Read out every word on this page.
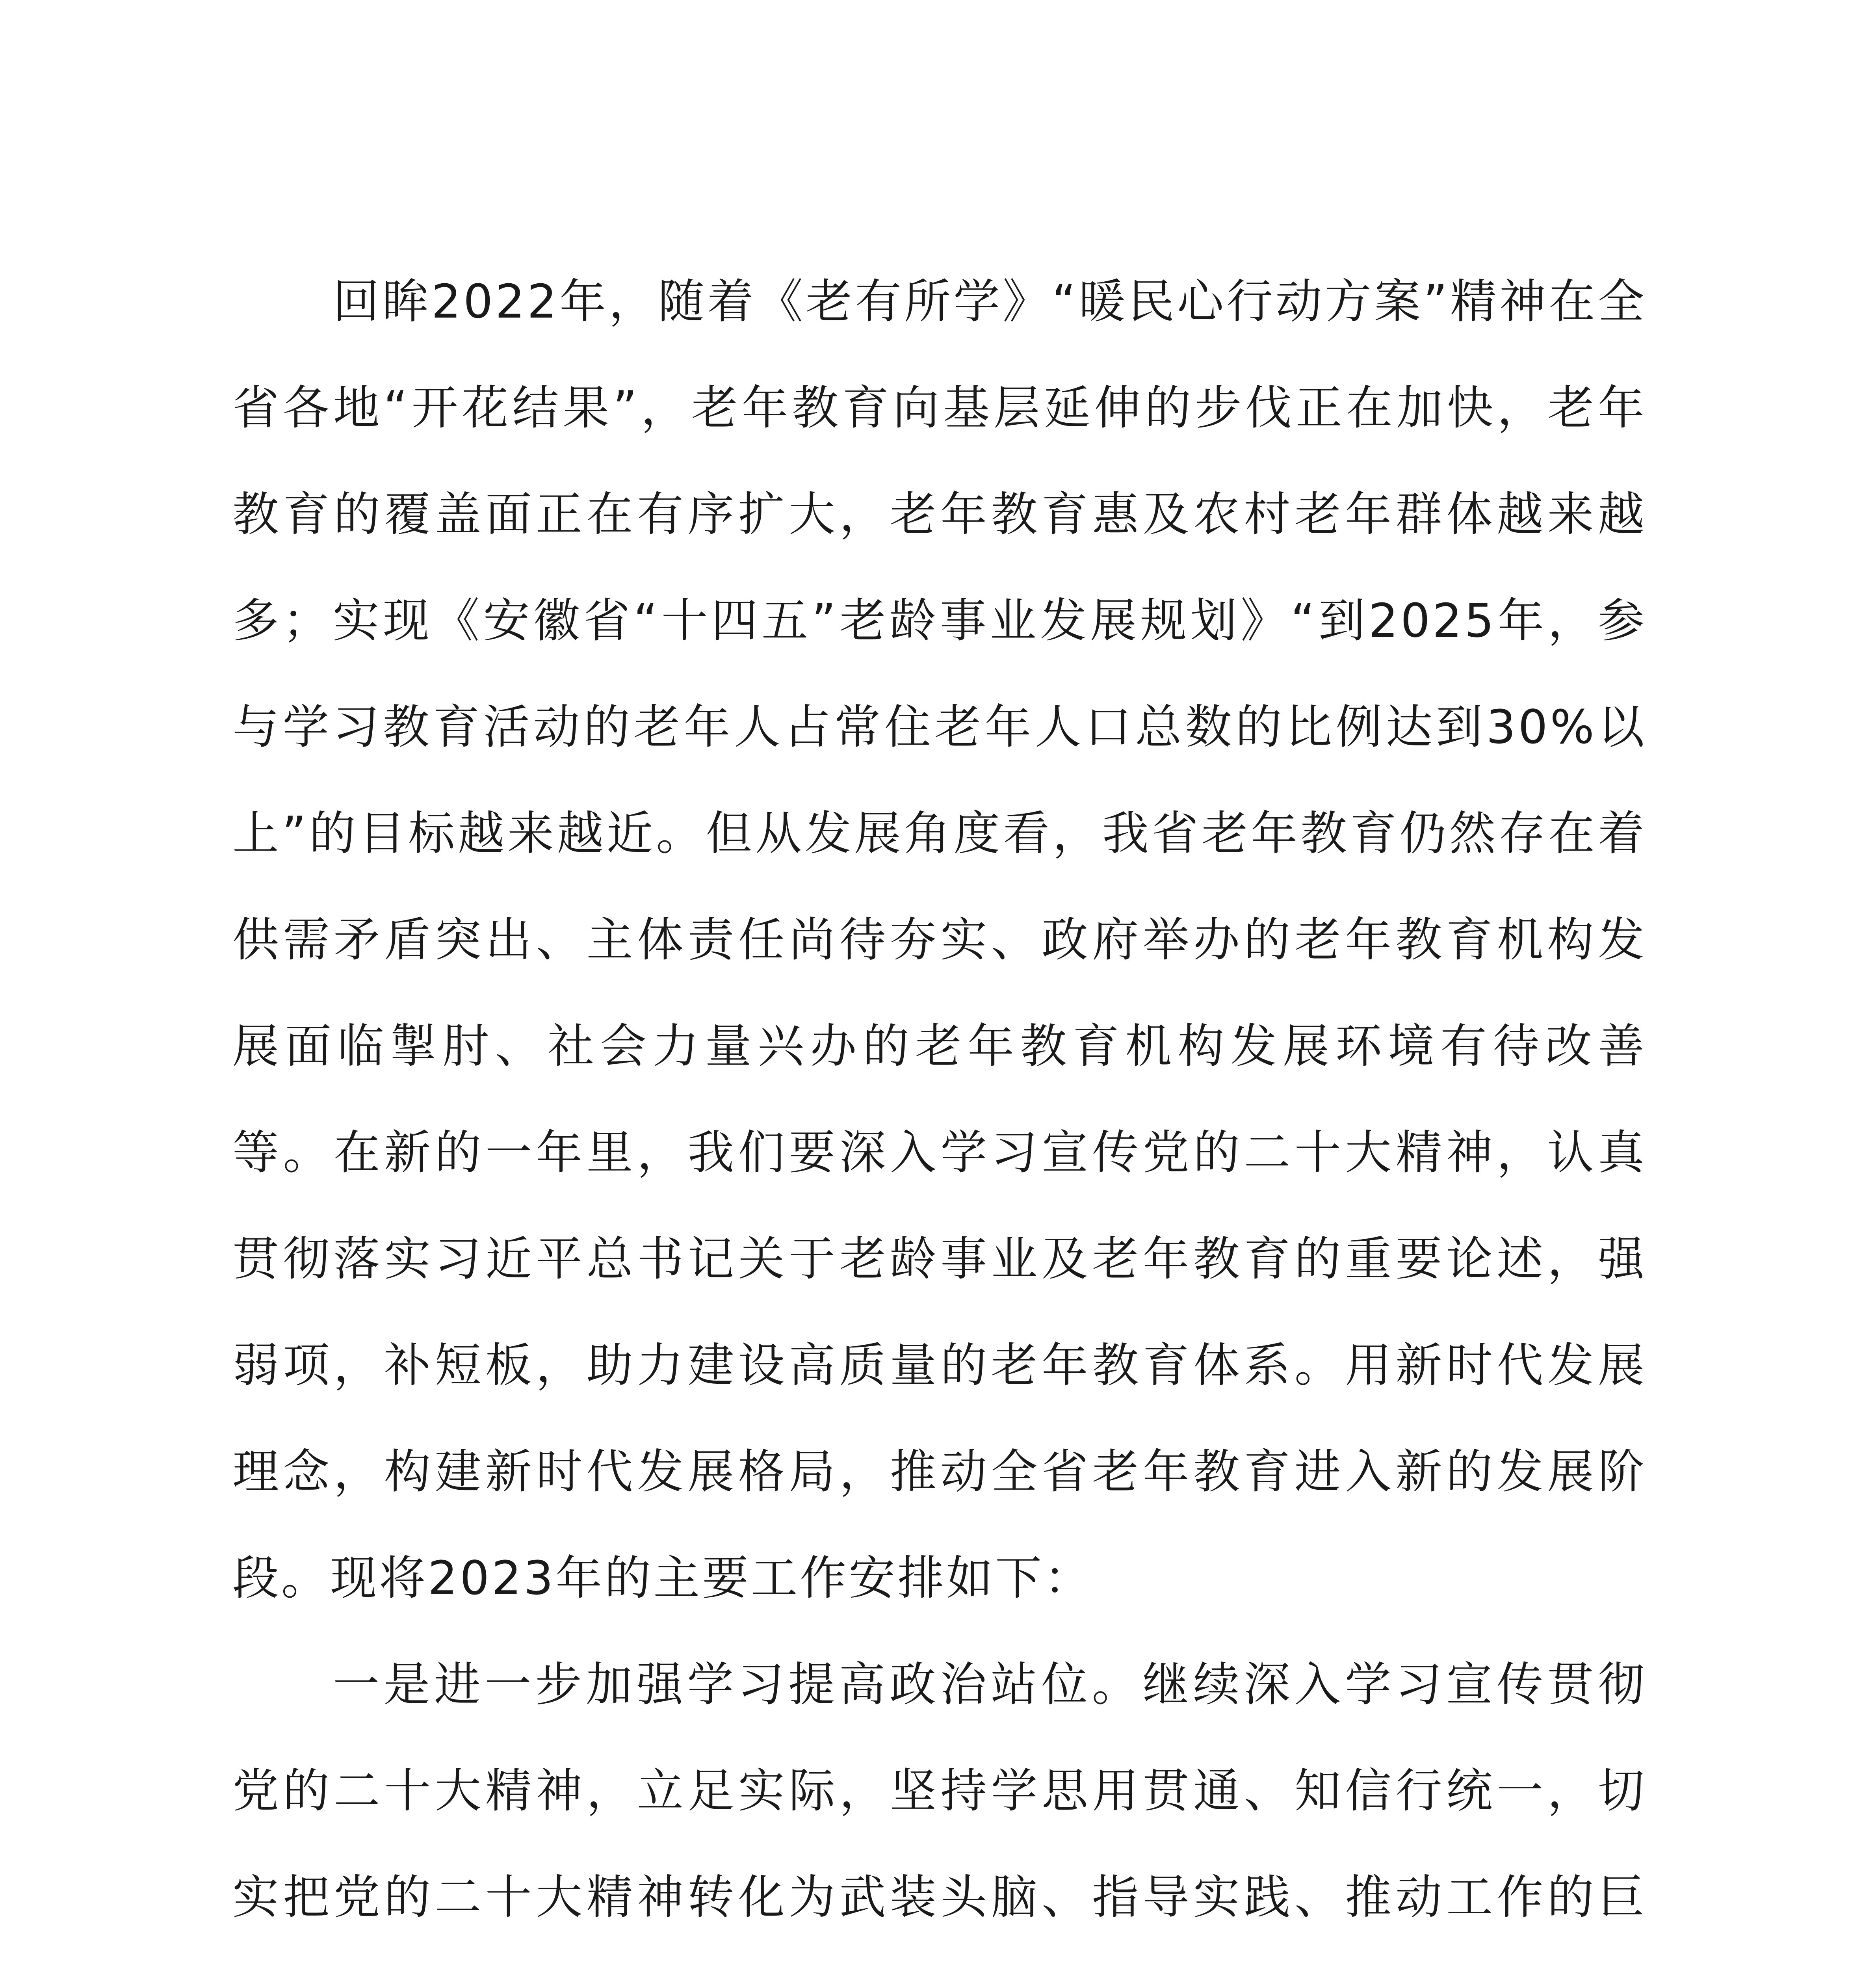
回眸2022年，随着《老有所学》“暖民心行动方案”精神在全省各地“开花结果”，老年教育向基层延伸的步伐正在加快，老年教育的覆盖面正在有序扩大，老年教育惠及农村老年群体越来越多；实现《安徽省“十四五”老龄事业发展规划》“到2025年，参与学习教育活动的老年人占常住老年人口总数的比例达到30%以上”的目标越来越近。但从发展角度看，我省老年教育仍然存在着供需矛盾突出、主体责任尚待夯实、政府举办的老年教育机构发展面临掣肘、社会力量兴办的老年教育机构发展环境有待改善等。在新的一年里，我们要深入学习宣传党的二十大精神，认真贯彻落实习近平总书记关于老龄事业及老年教育的重要论述，强弱项，补短板，助力建设高质量的老年教育体系。用新时代发展理念，构建新时代发展格局，推动全省老年教育进入新的发展阶段。现将2023年的主要工作安排如下：

一是进一步加强学习提高政治站位。继续深入学习宣传贯彻党的二十大精神，立足实际，坚持学思用贯通、知信行统一，切实把党的二十大精神转化为武装头脑、指导实践、推动工作的巨
